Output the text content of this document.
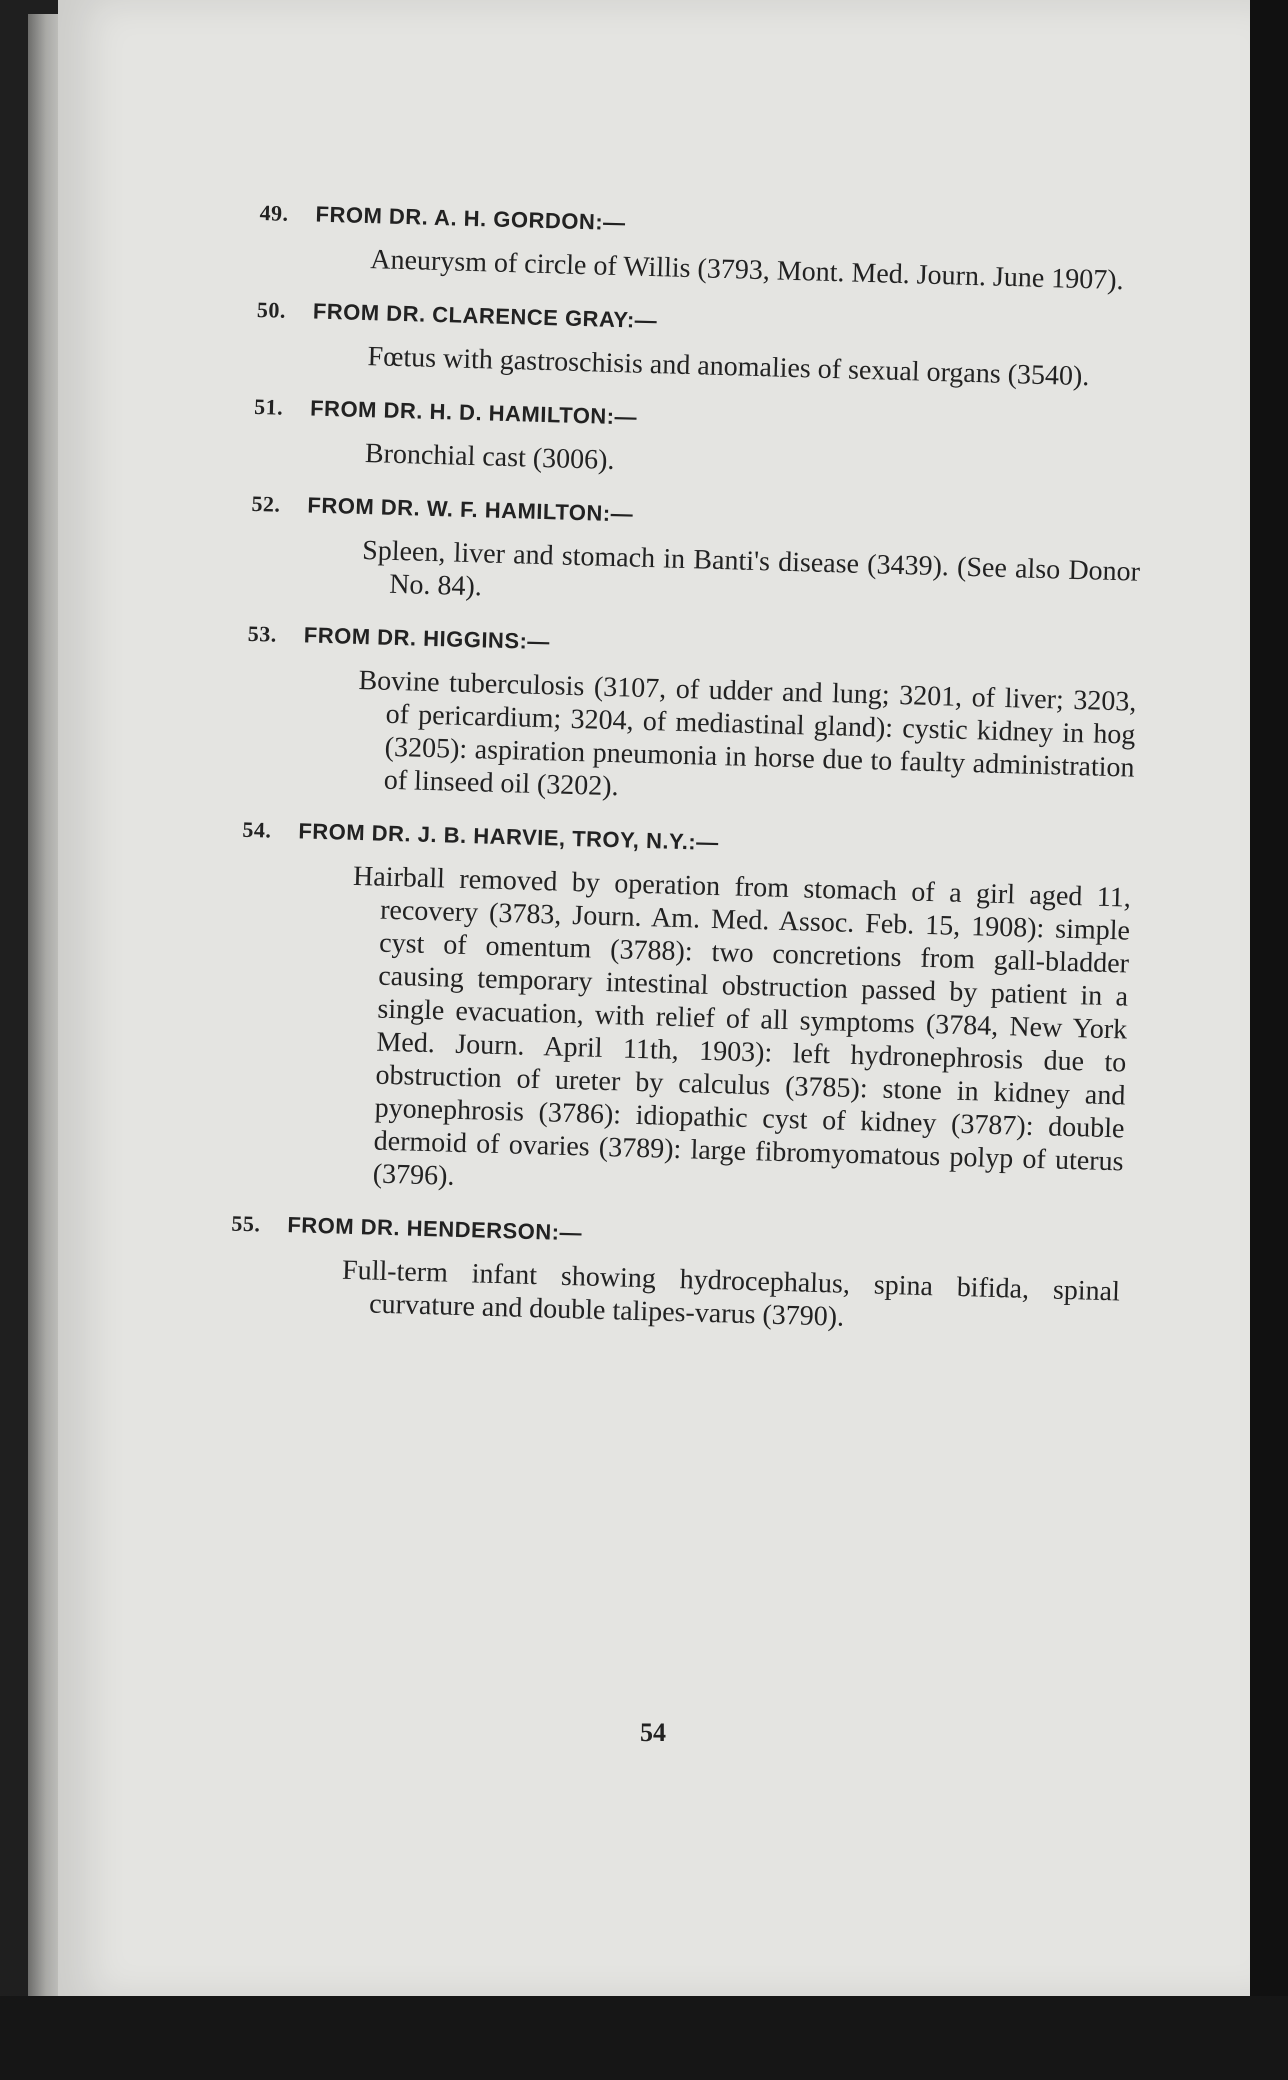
49. FROM DR. A. H. GORDON:—
Aneurysm of circle of Willis (3793, Mont. Med. Journ. June 1907).
50. FROM DR. CLARENCE GRAY:—
Fœtus with gastroschisis and anomalies of sexual organs (3540).
51. FROM DR. H. D. HAMILTON:—
Bronchial cast (3006).
52. FROM DR. W. F. HAMILTON:—
Spleen, liver and stomach in Banti's disease (3439). (See also Donor No. 84).
53. FROM DR. HIGGINS:—
Bovine tuberculosis (3107, of udder and lung; 3201, of liver; 3203, of pericardium; 3204, of mediastinal gland): cystic kidney in hog (3205): aspiration pneumonia in horse due to faulty administration of linseed oil (3202).
54. FROM DR. J. B. HARVIE, TROY, N.Y.:—
Hairball removed by operation from stomach of a girl aged 11, recovery (3783, Journ. Am. Med. Assoc. Feb. 15, 1908): simple cyst of omentum (3788): two concretions from gall-bladder causing temporary intestinal obstruction passed by patient in a single evacuation, with relief of all symptoms (3784, New York Med. Journ. April 11th, 1903): left hydronephrosis due to obstruction of ureter by calculus (3785): stone in kidney and pyonephrosis (3786): idiopathic cyst of kidney (3787): double dermoid of ovaries (3789): large fibromyomatous polyp of uterus (3796).
55. FROM DR. HENDERSON:—
Full-term infant showing hydrocephalus, spina bifida, spinal curvature and double talipes-varus (3790).
54
